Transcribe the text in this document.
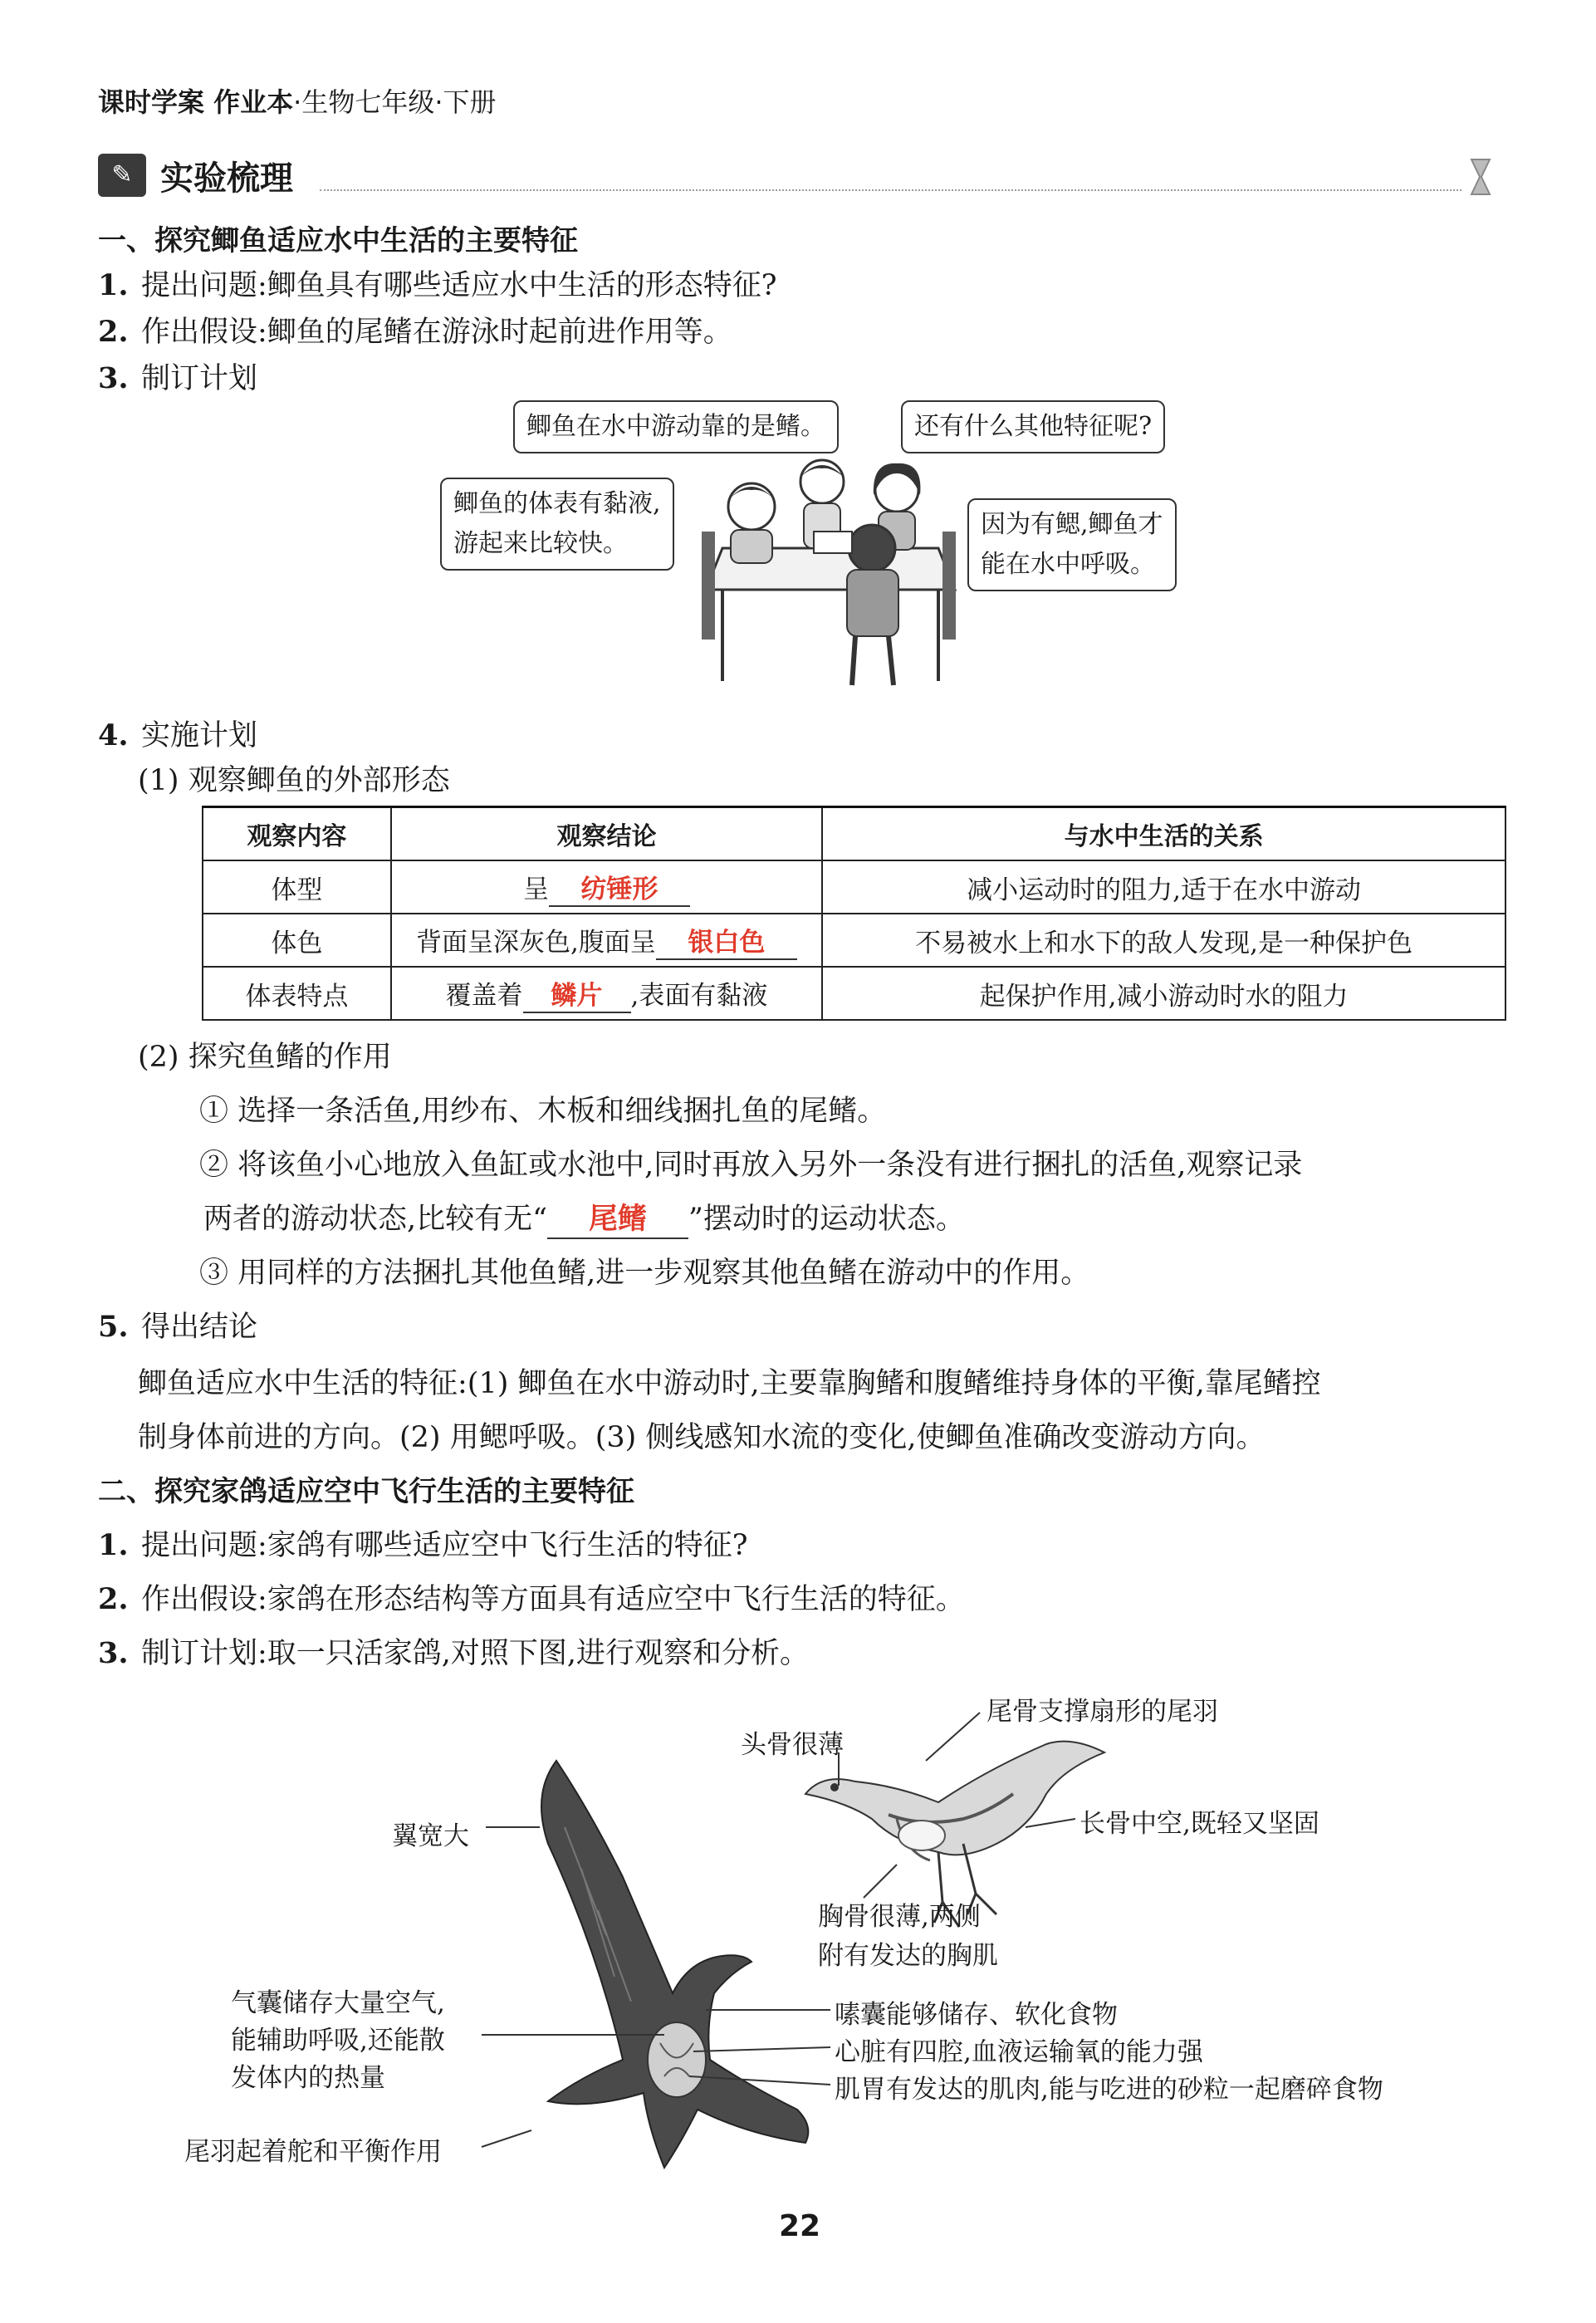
课时学案 作业本·生物七年级·下册
✎ 实验梳理
一、探究鲫鱼适应水中生活的主要特征
1. 提出问题:鲫鱼具有哪些适应水中生活的形态特征?
2. 作出假设:鲫鱼的尾鳍在游泳时起前进作用等。
3. 制订计划
鲫鱼在水中游动靠的是鳍。	还有什么其他特征呢?
鲫鱼的体表有黏液,
游起来比较快。
因为有鳃,鲫鱼才
能在水中呼吸。
4. 实施计划
(1) 观察鲫鱼的外部形态
观察内容	观察结论	与水中生活的关系
体型	呈 纺锤形	减小运动时的阻力,适于在水中游动
体色	背面呈深灰色,腹面呈 银白色	不易被水上和水下的敌人发现,是一种保护色
体表特点	覆盖着 鳞片 ,表面有黏液	起保护作用,减小游动时水的阻力
(2) 探究鱼鳍的作用
① 选择一条活鱼,用纱布、木板和细线捆扎鱼的尾鳍。
② 将该鱼小心地放入鱼缸或水池中,同时再放入另外一条没有进行捆扎的活鱼,观察记录
两者的游动状态,比较有无“ 尾鳍 ”摆动时的运动状态。
③ 用同样的方法捆扎其他鱼鳍,进一步观察其他鱼鳍在游动中的作用。
5. 得出结论
鲫鱼适应水中生活的特征:(1) 鲫鱼在水中游动时,主要靠胸鳍和腹鳍维持身体的平衡,靠尾鳍控
制身体前进的方向。(2) 用鳃呼吸。(3) 侧线感知水流的变化,使鲫鱼准确改变游动方向。
二、探究家鸽适应空中飞行生活的主要特征
1. 提出问题:家鸽有哪些适应空中飞行生活的特征?
2. 作出假设:家鸽在形态结构等方面具有适应空中飞行生活的特征。
3. 制订计划:取一只活家鸽,对照下图,进行观察和分析。
尾骨支撑扇形的尾羽
头骨很薄
长骨中空,既轻又坚固
翼宽大
胸骨很薄,两侧
附有发达的胸肌
气囊储存大量空气,
能辅助呼吸,还能散
发体内的热量
嗉囊能够储存、软化食物
心脏有四腔,血液运输氧的能力强
肌胃有发达的肌肉,能与吃进的砂粒一起磨碎食物
尾羽起着舵和平衡作用
22
